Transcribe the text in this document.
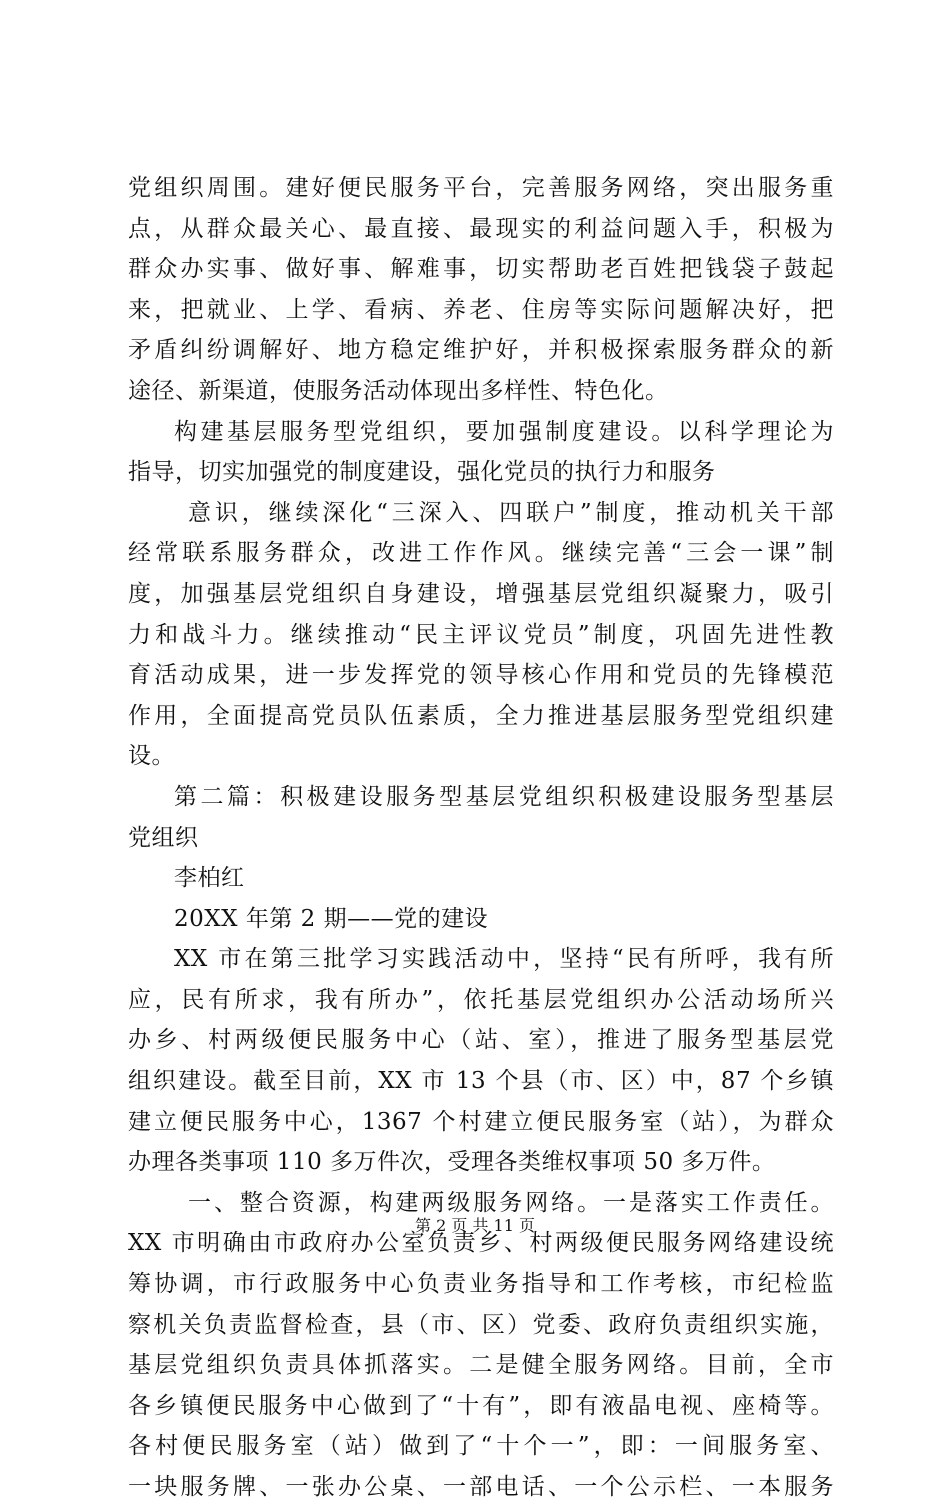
党组织周围。建好便民服务平台，完善服务网络，突出服务重
点，从群众最关心、最直接、最现实的利益问题入手，积极为
群众办实事、做好事、解难事，切实帮助老百姓把钱袋子鼓起
来，把就业、上学、看病、养老、住房等实际问题解决好，把
矛盾纠纷调解好、地方稳定维护好，并积极探索服务群众的新
途径、新渠道，使服务活动体现出多样性、特色化。
构建基层服务型党组织，要加强制度建设。以科学理论为
指导，切实加强党的制度建设，强化党员的执行力和服务
意识，继续深化“三深入、四联户”制度，推动机关干部
经常联系服务群众，改进工作作风。继续完善“三会一课”制
度，加强基层党组织自身建设，增强基层党组织凝聚力，吸引
力和战斗力。继续推动“民主评议党员”制度，巩固先进性教
育活动成果，进一步发挥党的领导核心作用和党员的先锋模范
作用，全面提高党员队伍素质，全力推进基层服务型党组织建
设。
第二篇：积极建设服务型基层党组织积极建设服务型基层
党组织
李柏红
20XX 年第 2 期——党的建设
XX 市在第三批学习实践活动中，坚持“民有所呼，我有所
应，民有所求，我有所办”，依托基层党组织办公活动场所兴
办乡、村两级便民服务中心（站、室），推进了服务型基层党
组织建设。截至目前，XX 市 13 个县（市、区）中，87 个乡镇
建立便民服务中心，1367 个村建立便民服务室（站），为群众
办理各类事项 110 多万件次，受理各类维权事项 50 多万件。
一、整合资源，构建两级服务网络。一是落实工作责任。
XX 市明确由市政府办公室负责乡、村两级便民服务网络建设统
筹协调，市行政服务中心负责业务指导和工作考核，市纪检监
察机关负责监督检查，县（市、区）党委、政府负责组织实施，
基层党组织负责具体抓落实。二是健全服务网络。目前，全市
各乡镇便民服务中心做到了“十有”，即有液晶电视、座椅等。
各村便民服务室（站）做到了“十个一”，即：一间服务室、
一块服务牌、一张办公桌、一部电话、一个公示栏、一本服务
第 2 页 共 11 页
